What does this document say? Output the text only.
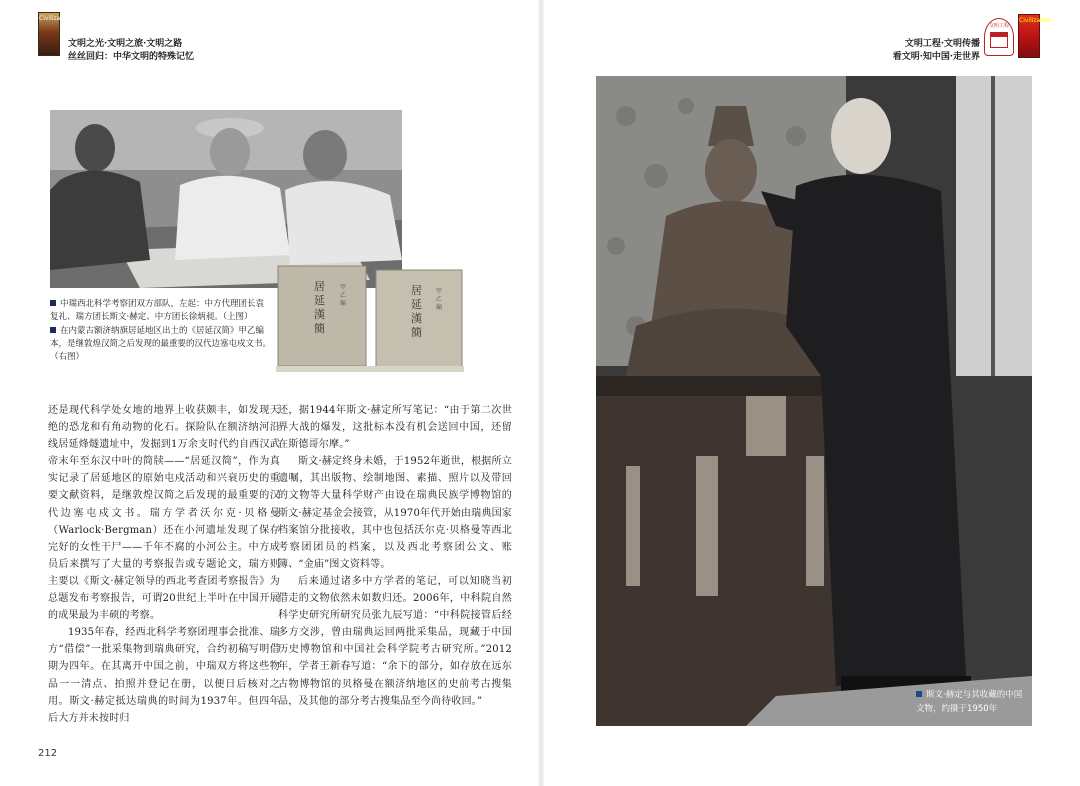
Civilization
文明之光·文明之旅·文明之路
丝丝回归：中华文明的特殊记忆
文明工程·文明传播
看文明·知中国·走世界
文明工程
Civilization
居延漢簡
居延漢簡
甲乙編
甲乙編

中瑞西北科学考察团双方部队，左起：中方代理团长袁复礼、瑞方团长斯文·赫定、中方团长徐炳昶。（上图）

在内蒙古额济纳旗居延地区出土的《居延汉简》甲乙编本，是继敦煌汉简之后发现的最重要的汉代边塞屯戍文书。（右图）

还是现代科学处女地的地界上收获颇丰，如发现天绝的恐龙和有角动物的化石。探险队在额济纳河沿线居延烽燧遗址中，发掘到1万余支时代约自西汉武帝末年至东汉中叶的简牍——“居延汉简”，作为真实记录了居延地区的原始屯戍活动和兴衰历史的重要文献资料，是继敦煌汉简之后发现的最重要的汉代边塞屯戍文书。瑞方学者沃尔克·贝格曼（Warlock·Bergman）还在小河遗址发现了保存完好的女性干尸——千年不腐的小河公主。中方成员后来撰写了大量的考察报告或专题论文，瑞方则主要以《斯文·赫定领导的西北考查团考察报告》为总题发布考察报告，可谓20世纪上半叶在中国开展的成果最为丰硕的考察。

1935年春，经西北科学考察团理事会批准、瑞方“借偿”一批采集物到瑞典研究，合约初稿写明借期为四年。在其离开中国之前，中瑞双方将这些物品一一清点、拍照并登记在册，以便日后核对之用。斯文·赫定抵达瑞典的时间为1937年。但四年后大方并未按时归

还，据1944年斯文·赫定所写笔记：“由于第二次世界大战的爆发，这批标本没有机会送回中国，还留在斯德哥尔摩。”

斯文·赫定终身未婚，于1952年逝世，根据所立遗嘱，其出版物、绘制地图、素描、照片以及带回的文物等大量科学财产由设在瑞典民族学博物馆的斯文·赫定基金会接管，从1970年代开始由瑞典国家档案馆分批接收，其中也包括沃尔克·贝格曼等西北考察团团员的档案，以及西北考察团公文、账簿、“金庙”图文资料等。

后来通过诸多中方学者的笔记，可以知晓当初借走的文物依然未如数归还。2006年，中科院自然科学史研究所研究员张九辰写道：“中科院接管后经多方交涉，曾由瑞典运回两批采集品，现藏于中国历史博物馆和中国社会科学院考古研究所。”2012年，学者王新春写道：“余下的部分，如存放在远东古物博物馆的贝格曼在额济纳地区的史前考古搜集品，及其他的部分考古搜集品至今尚待收回。”

212
斯文·赫定与其收藏的中国文物，约摄于1950年
